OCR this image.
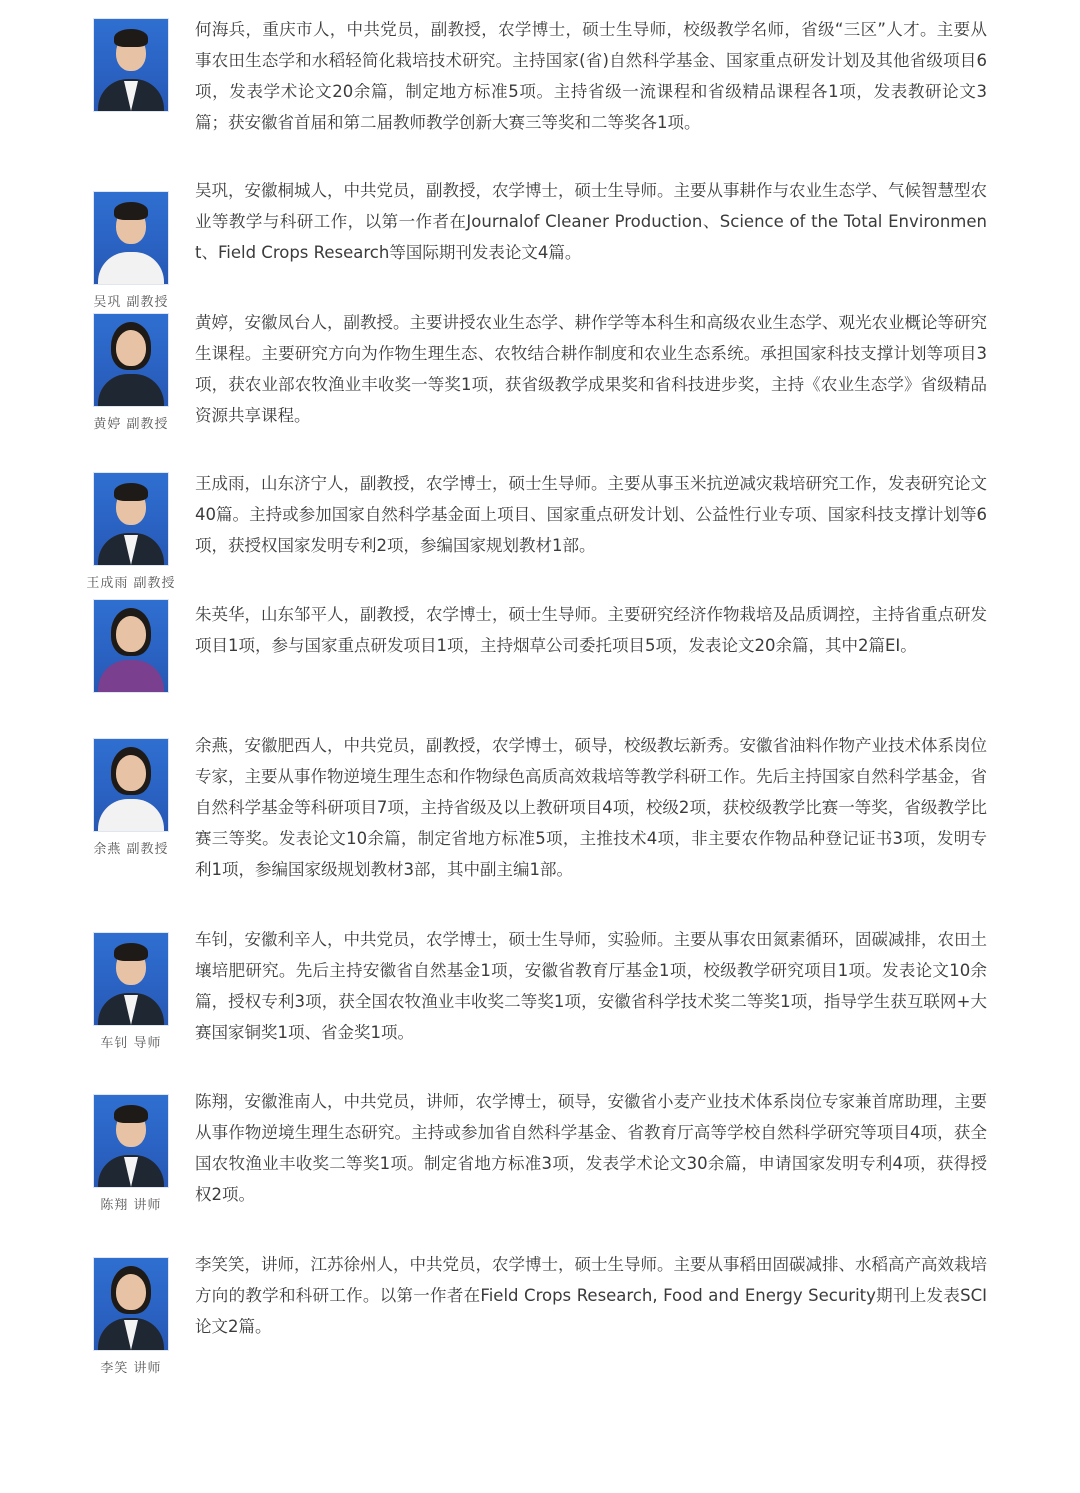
何海兵，重庆市人，中共党员，副教授，农学博士，硕士生导师，校级教学名师，省级“三区”人才。主要从事农田生态学和水稻轻简化栽培技术研究。主持国家(省)自然科学基金、国家重点研发计划及其他省级项目6项，发表学术论文20余篇，制定地方标准5项。主持省级一流课程和省级精品课程各1项，发表教研论文3篇；获安徽省首届和第二届教师教学创新大赛三等奖和二等奖各1项。
吴巩 副教授
吴巩，安徽桐城人，中共党员，副教授，农学博士，硕士生导师。主要从事耕作与农业生态学、气候智慧型农业等教学与科研工作，以第一作者在Journalof Cleaner Production、Science of the Total Environment、Field Crops Research等国际期刊发表论文4篇。
黄婷 副教授
黄婷，安徽凤台人，副教授。主要讲授农业生态学、耕作学等本科生和高级农业生态学、观光农业概论等研究生课程。主要研究方向为作物生理生态、农牧结合耕作制度和农业生态系统。承担国家科技支撑计划等项目3项，获农业部农牧渔业丰收奖一等奖1项，获省级教学成果奖和省科技进步奖，主持《农业生态学》省级精品资源共享课程。
王成雨 副教授
王成雨，山东济宁人，副教授，农学博士，硕士生导师。主要从事玉米抗逆减灾栽培研究工作，发表研究论文40篇。主持或参加国家自然科学基金面上项目、国家重点研发计划、公益性行业专项、国家科技支撑计划等6项，获授权国家发明专利2项，参编国家规划教材1部。
朱英华，山东邹平人，副教授，农学博士，硕士生导师。主要研究经济作物栽培及品质调控，主持省重点研发项目1项，参与国家重点研发项目1项，主持烟草公司委托项目5项，发表论文20余篇，其中2篇EI。
余燕 副教授
余燕，安徽肥西人，中共党员，副教授，农学博士，硕导，校级教坛新秀。安徽省油料作物产业技术体系岗位专家，主要从事作物逆境生理生态和作物绿色高质高效栽培等教学科研工作。先后主持国家自然科学基金，省自然科学基金等科研项目7项，主持省级及以上教研项目4项，校级2项，获校级教学比赛一等奖，省级教学比赛三等奖。发表论文10余篇，制定省地方标准5项，主推技术4项，非主要农作物品种登记证书3项，发明专利1项，参编国家级规划教材3部，其中副主编1部。
车钊 导师
车钊，安徽利辛人，中共党员，农学博士，硕士生导师，实验师。主要从事农田氮素循环，固碳减排，农田土壤培肥研究。先后主持安徽省自然基金1项，安徽省教育厅基金1项，校级教学研究项目1项。发表论文10余篇，授权专利3项，获全国农牧渔业丰收奖二等奖1项，安徽省科学技术奖二等奖1项，指导学生获互联网+大赛国家铜奖1项、省金奖1项。
陈翔 讲师
陈翔，安徽淮南人，中共党员，讲师，农学博士，硕导，安徽省小麦产业技术体系岗位专家兼首席助理，主要从事作物逆境生理生态研究。主持或参加省自然科学基金、省教育厅高等学校自然科学研究等项目4项，获全国农牧渔业丰收奖二等奖1项。制定省地方标准3项，发表学术论文30余篇，申请国家发明专利4项，获得授权2项。
李笑 讲师
李笑笑，讲师，江苏徐州人，中共党员，农学博士，硕士生导师。主要从事稻田固碳减排、水稻高产高效栽培方向的教学和科研工作。以第一作者在Field Crops Research, Food and Energy Security期刊上发表SCI论文2篇。
